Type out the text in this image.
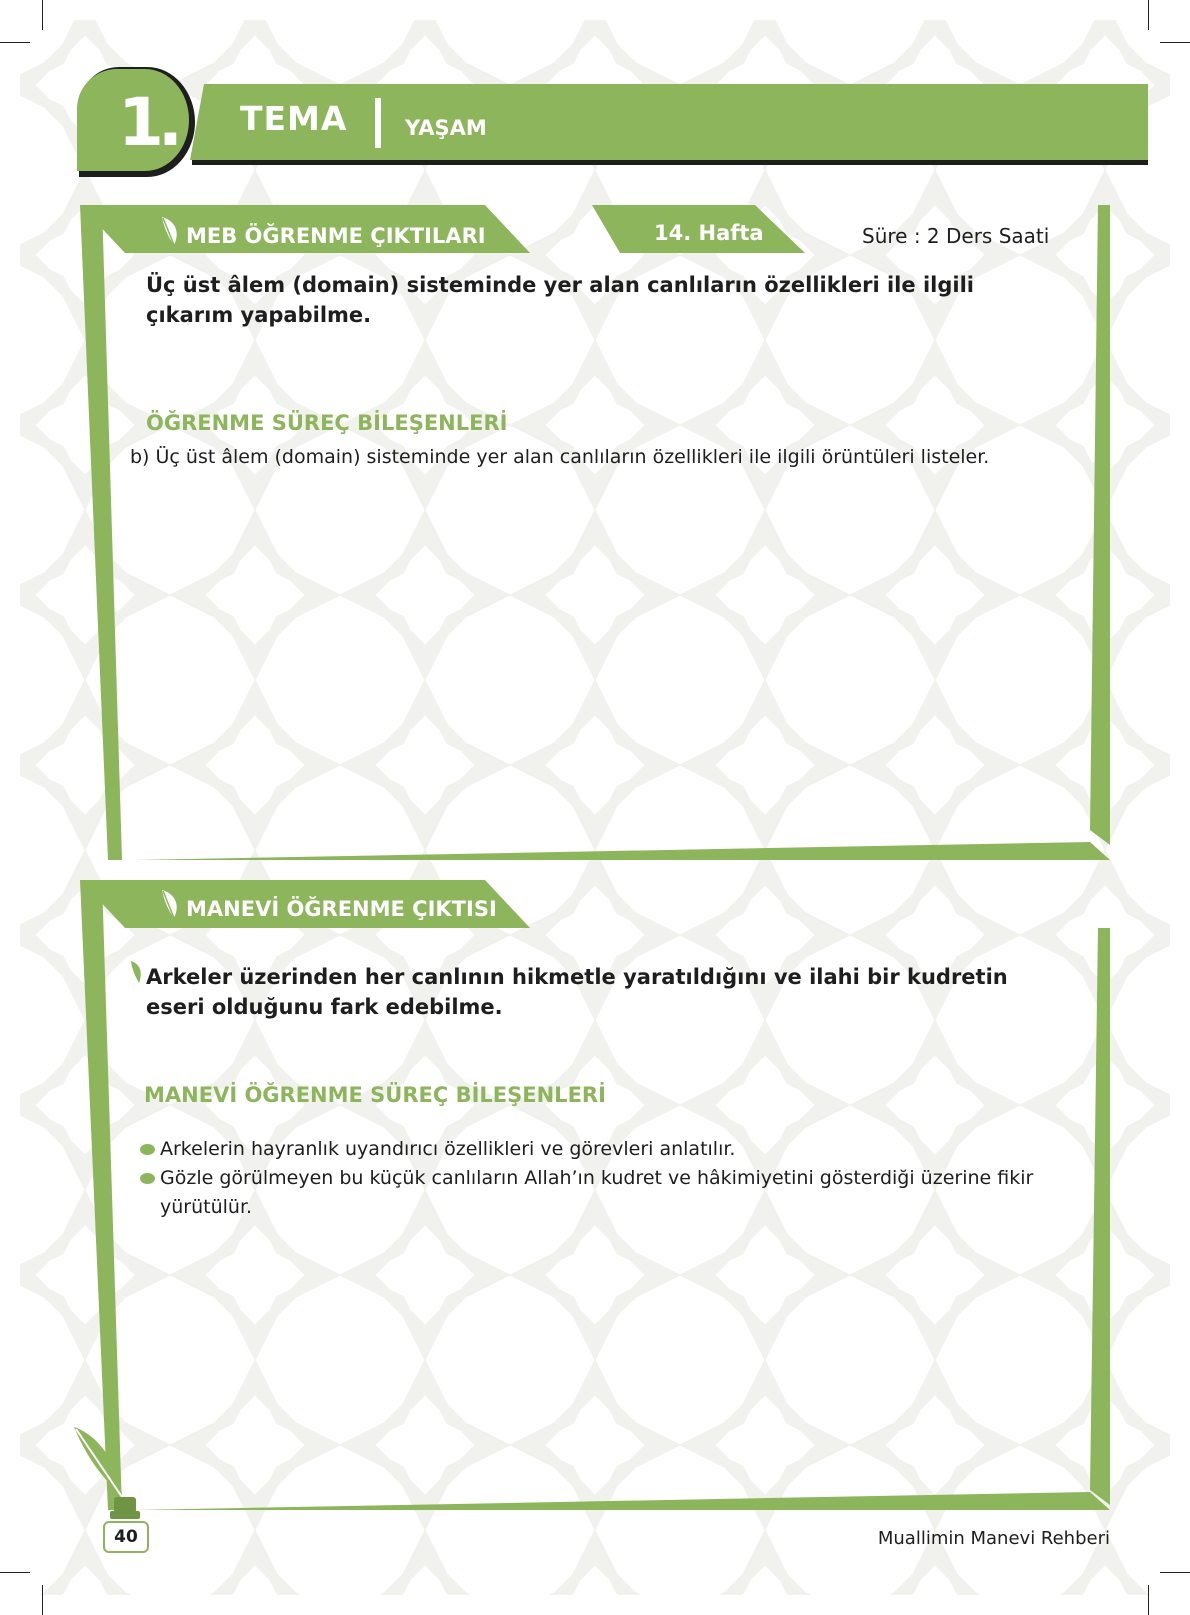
1. TEMA	YAŞAM
MEB ÖĞRENME ÇIKTILARI	14. Hafta	Süre : 2 Ders Saati
Üç üst âlem (domain) sisteminde yer alan canlıların özellikleri ile ilgili
çıkarım yapabilme.
ÖĞRENME SÜREÇ BİLEŞENLERİ
b) Üç üst âlem (domain) sisteminde yer alan canlıların özellikleri ile ilgili örüntüleri listeler.
MANEVİ ÖĞRENME ÇIKTISI
Arkeler üzerinden her canlının hikmetle yaratıldığını ve ilahi bir kudretin
eseri olduğunu fark edebilme.
MANEVİ ÖĞRENME SÜREÇ BİLEŞENLERİ
Arkelerin hayranlık uyandırıcı özellikleri ve görevleri anlatılır.
Gözle görülmeyen bu küçük canlıların Allah’ın kudret ve hâkimiyetini gösterdiği üzerine fikir yürütülür.
40	Muallimin Manevi Rehberi
